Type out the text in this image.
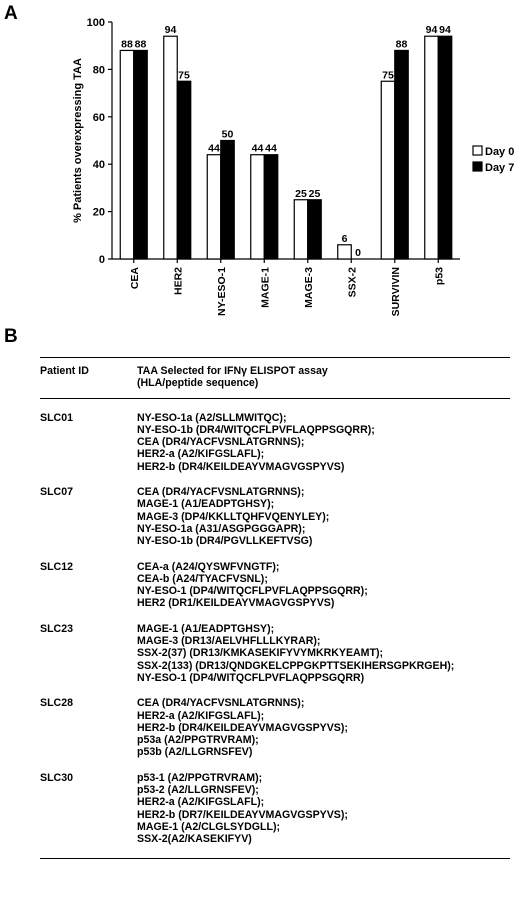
A
B
0
20
40
60
80
100
% Patients overexpressing TAA
88 88
CEA
94
75
HER2
44
50
NY-ESO-1
44 44
MAGE-1
25 25
MAGE-3
6
0
SSX-2
75
88
SURVIVIN
94 94
p53
Day 0
Day 7
Patient ID	TAA Selected for IFNγ ELISPOT assay
(HLA/peptide sequence)
SLC01	NY-ESO-1a (A2/SLLMWITQC);
NY-ESO-1b (DR4/WITQCFLPVFLAQPPSGQRR);
CEA (DR4/YACFVSNLATGRNNS);
HER2-a (A2/KIFGSLAFL);
HER2-b (DR4/KEILDEAYVMAGVGSPYVS)
SLC07	CEA (DR4/YACFVSNLATGRNNS);
MAGE-1 (A1/EADPTGHSY);
MAGE-3 (DP4/KKLLTQHFVQENYLEY);
NY-ESO-1a (A31/ASGPGGGAPR);
NY-ESO-1b (DR4/PGVLLKEFTVSG)
SLC12	CEA-a (A24/QYSWFVNGTF);
CEA-b (A24/TYACFVSNL);
NY-ESO-1 (DP4/WITQCFLPVFLAQPPSGQRR);
HER2 (DR1/KEILDEAYVMAGVGSPYVS)
SLC23	MAGE-1 (A1/EADPTGHSY);
MAGE-3 (DR13/AELVHFLLLKYRAR);
SSX-2(37) (DR13/KMKASEKIFYVYMKRKYEAMT);
SSX-2(133) (DR13/QNDGKELCPPGKPTTSEKIHERSGPKRGEH);
NY-ESO-1 (DP4/WITQCFLPVFLAQPPSGQRR)
SLC28	CEA (DR4/YACFVSNLATGRNNS);
HER2-a (A2/KIFGSLAFL);
HER2-b (DR4/KEILDEAYVMAGVGSPYVS);
p53a (A2/PPGTRVRAM);
p53b (A2/LLGRNSFEV)
SLC30	p53-1 (A2/PPGTRVRAM);
p53-2 (A2/LLGRNSFEV);
HER2-a (A2/KIFGSLAFL);
HER2-b (DR7/KEILDEAYVMAGVGSPYVS);
MAGE-1 (A2/CLGLSYDGLL);
SSX-2(A2/KASEKIFYV)
